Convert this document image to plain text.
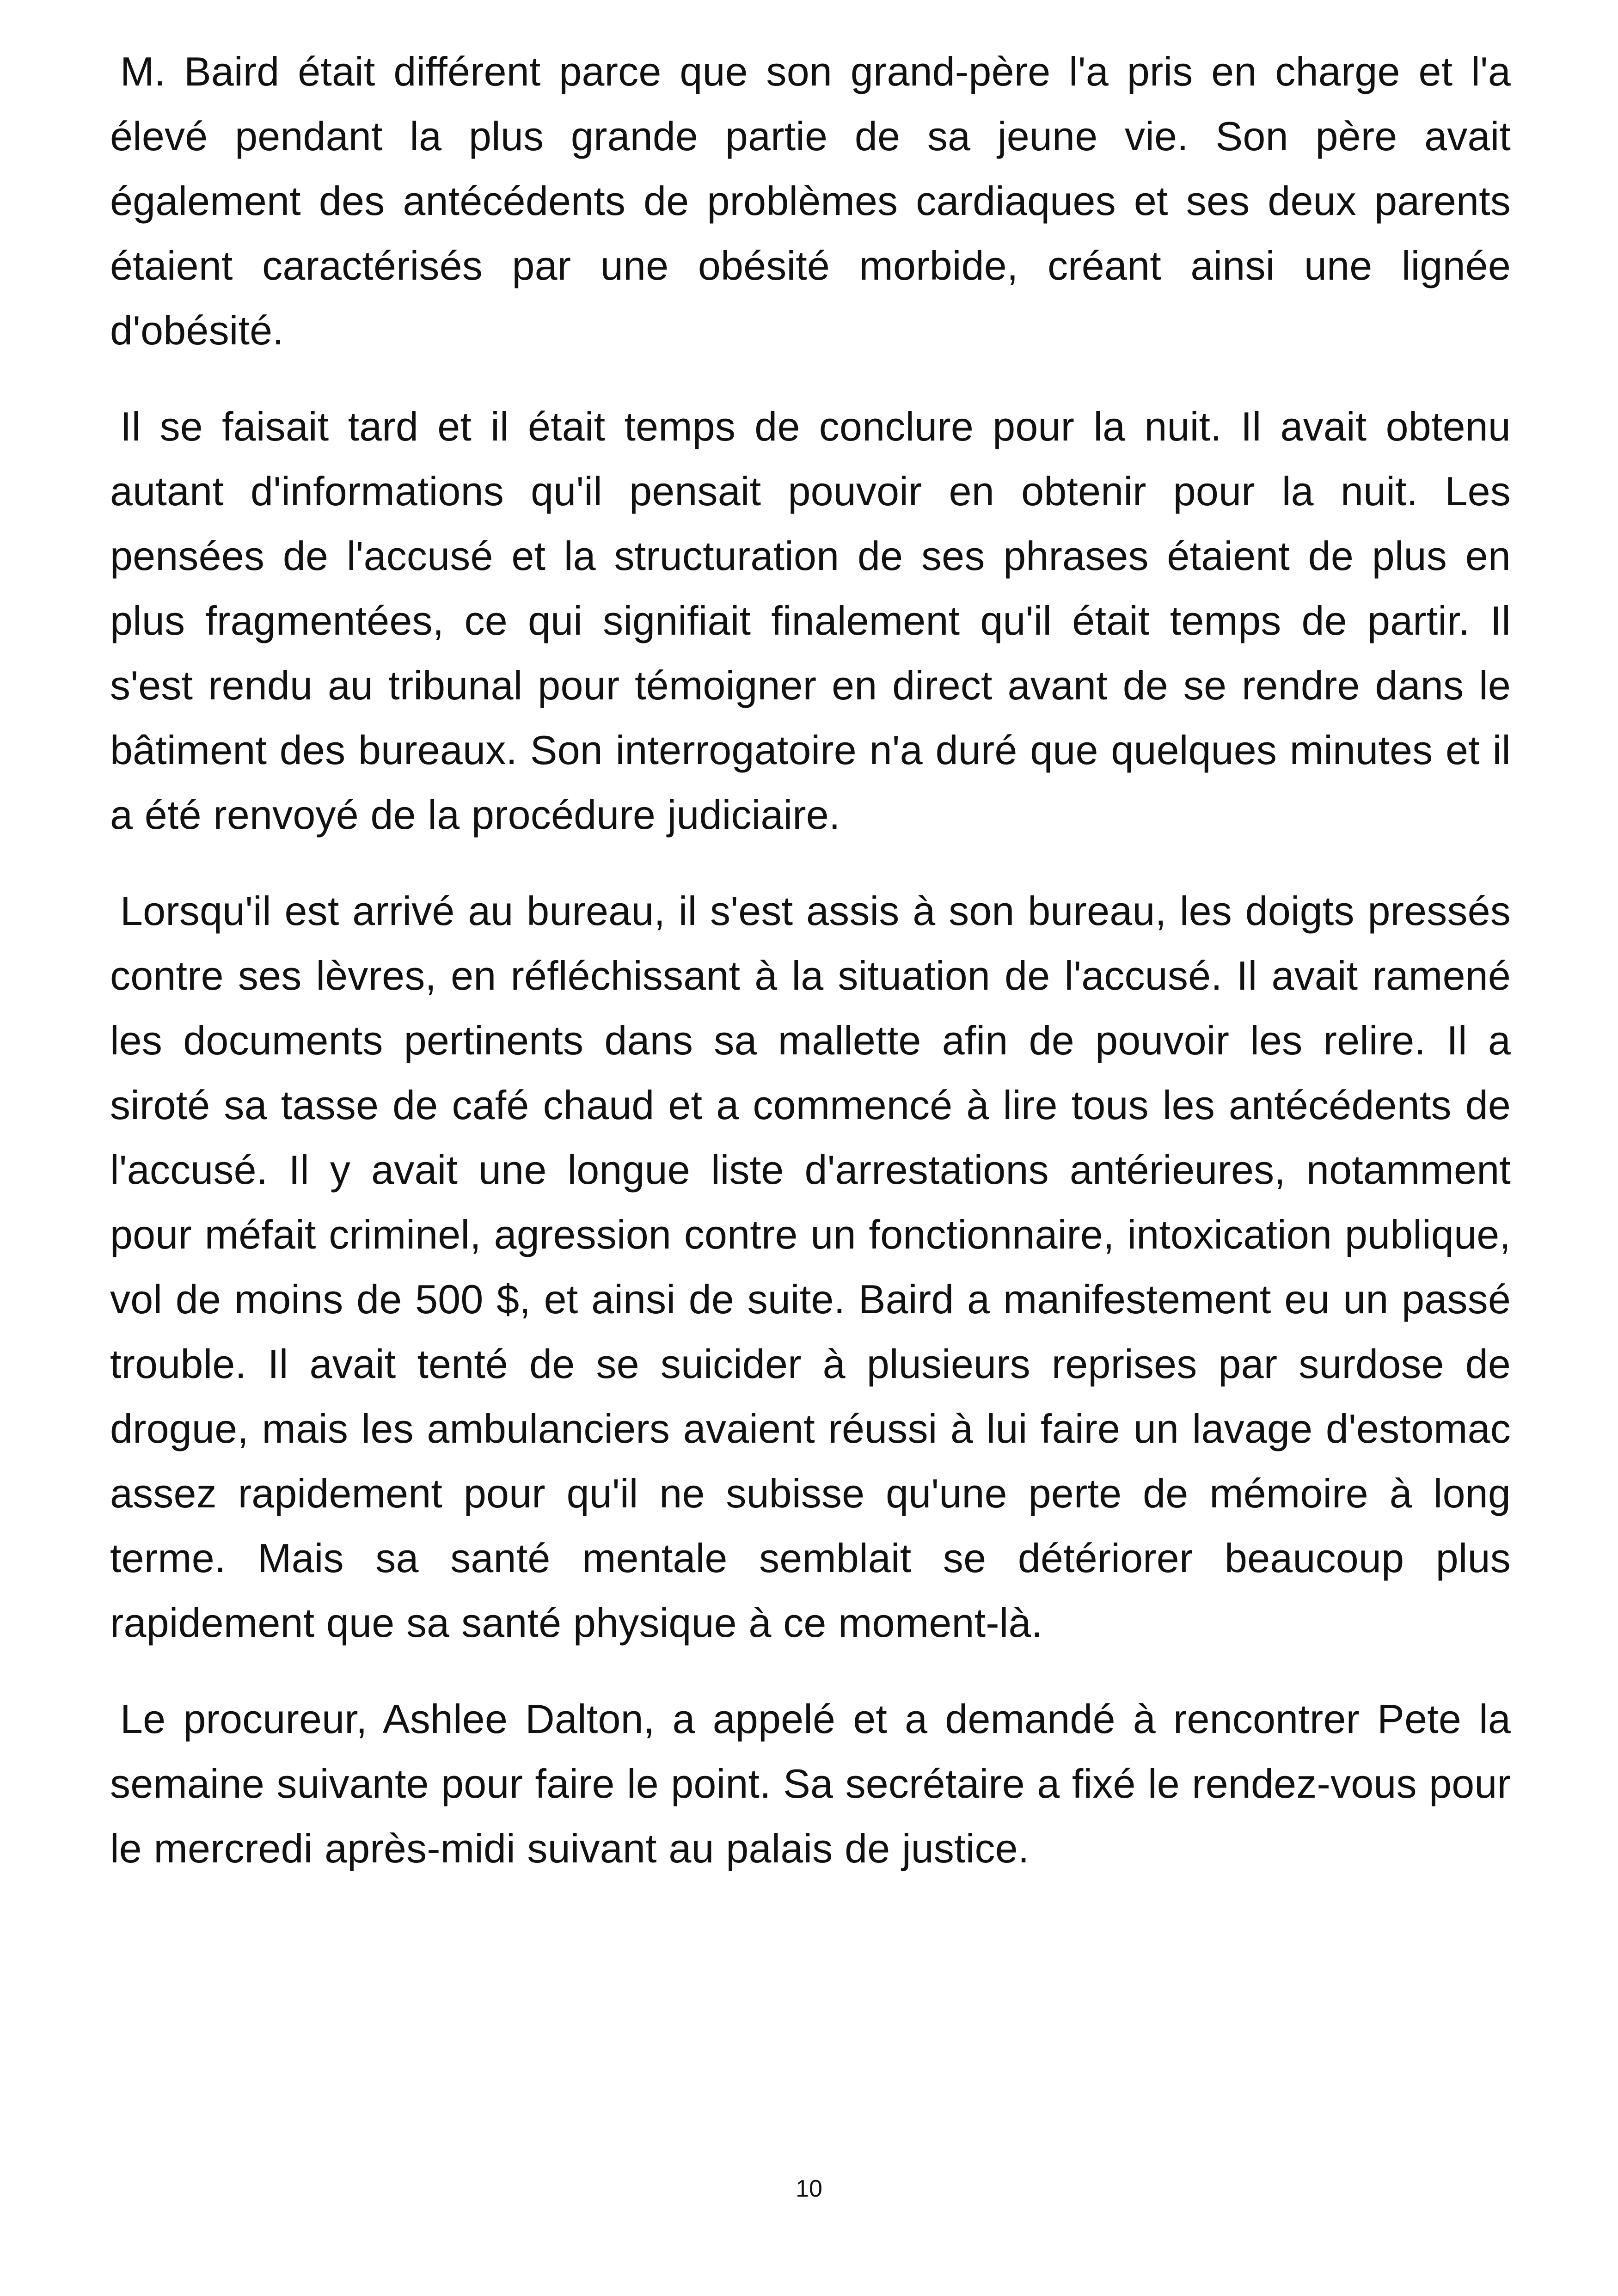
M. Baird était différent parce que son grand-père l'a pris en charge et l'a élevé pendant la plus grande partie de sa jeune vie. Son père avait également des antécédents de problèmes cardiaques et ses deux parents étaient caractérisés par une obésité morbide, créant ainsi une lignée d'obésité.

Il se faisait tard et il était temps de conclure pour la nuit. Il avait obtenu autant d'informations qu'il pensait pouvoir en obtenir pour la nuit. Les pensées de l'accusé et la structuration de ses phrases étaient de plus en plus fragmentées, ce qui signifiait finalement qu'il était temps de partir. Il s'est rendu au tribunal pour témoigner en direct avant de se rendre dans le bâtiment des bureaux. Son interrogatoire n'a duré que quelques minutes et il a été renvoyé de la procédure judiciaire.

Lorsqu'il est arrivé au bureau, il s'est assis à son bureau, les doigts pressés contre ses lèvres, en réfléchissant à la situation de l'accusé. Il avait ramené les documents pertinents dans sa mallette afin de pouvoir les relire. Il a siroté sa tasse de café chaud et a commencé à lire tous les antécédents de l'accusé. Il y avait une longue liste d'arrestations antérieures, notamment pour méfait criminel, agression contre un fonctionnaire, intoxication publique, vol de moins de 500 $, et ainsi de suite. Baird a manifestement eu un passé trouble. Il avait tenté de se suicider à plusieurs reprises par surdose de drogue, mais les ambulanciers avaient réussi à lui faire un lavage d'estomac assez rapidement pour qu'il ne subisse qu'une perte de mémoire à long terme. Mais sa santé mentale semblait se détériorer beaucoup plus rapidement que sa santé physique à ce moment-là.

Le procureur, Ashlee Dalton, a appelé et a demandé à rencontrer Pete la semaine suivante pour faire le point. Sa secrétaire a fixé le rendez-vous pour le mercredi après-midi suivant au palais de justice.

10
